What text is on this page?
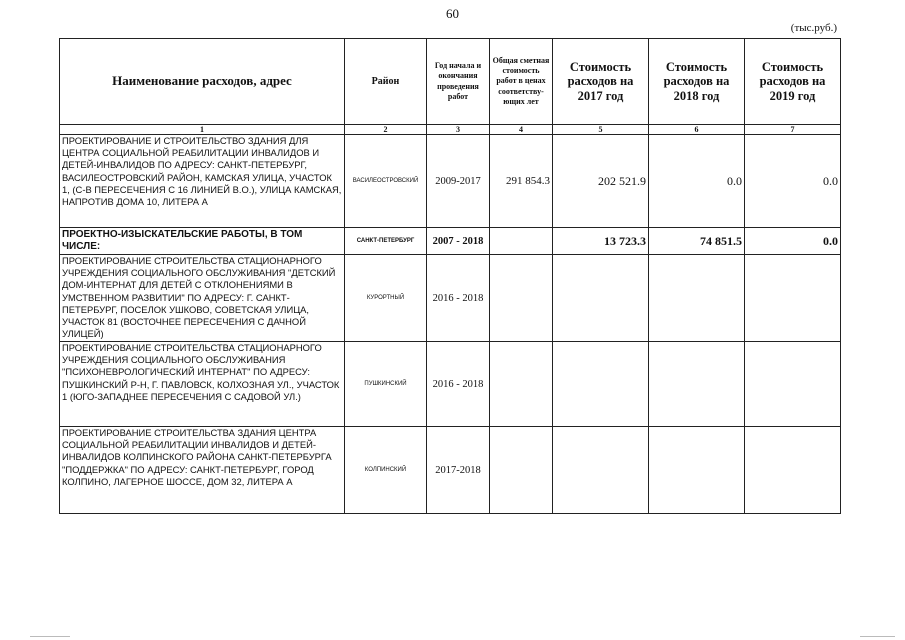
60
(тыс.руб.)
Наименование расходов, адрес	Район	Год начала и окончания проведения работ	Общая сметная стоимость работ в ценах соответству-ющих лет	Стоимость расходов на 2017 год	Стоимость расходов на 2018 год	Стоимость расходов на 2019 год
1	2	3	4	5	6	7
ПРОЕКТИРОВАНИЕ И СТРОИТЕЛЬСТВО ЗДАНИЯ ДЛЯ ЦЕНТРА СОЦИАЛЬНОЙ РЕАБИЛИТАЦИИ ИНВАЛИДОВ И ДЕТЕЙ-ИНВАЛИДОВ ПО АДРЕСУ: САНКТ-ПЕТЕРБУРГ, ВАСИЛЕОСТРОВСКИЙ РАЙОН, КАМСКАЯ УЛИЦА, УЧАСТОК 1, (С-В ПЕРЕСЕЧЕНИЯ С 16 ЛИНИЕЙ В.О.), УЛИЦА КАМСКАЯ, НАПРОТИВ ДОМА 10, ЛИТЕРА А	ВАСИЛЕОСТРОВСКИЙ	2009-2017	291 854.3	202 521.9	0.0	0.0
ПРОЕКТНО-ИЗЫСКАТЕЛЬСКИЕ РАБОТЫ, В ТОМ ЧИСЛЕ:	САНКТ-ПЕТЕРБУРГ	2007 - 2018		13 723.3	74 851.5	0.0
ПРОЕКТИРОВАНИЕ СТРОИТЕЛЬСТВА СТАЦИОНАРНОГО УЧРЕЖДЕНИЯ СОЦИАЛЬНОГО ОБСЛУЖИВАНИЯ "ДЕТСКИЙ ДОМ-ИНТЕРНАТ ДЛЯ ДЕТЕЙ С ОТКЛОНЕНИЯМИ В УМСТВЕННОМ РАЗВИТИИ" ПО АДРЕСУ: Г. САНКТ-ПЕТЕРБУРГ, ПОСЕЛОК УШКОВО, СОВЕТСКАЯ УЛИЦА, УЧАСТОК 81 (ВОСТОЧНЕЕ ПЕРЕСЕЧЕНИЯ С ДАЧНОЙ УЛИЦЕЙ)	КУРОРТНЫЙ	2016 - 2018				
ПРОЕКТИРОВАНИЕ СТРОИТЕЛЬСТВА СТАЦИОНАРНОГО УЧРЕЖДЕНИЯ СОЦИАЛЬНОГО ОБСЛУЖИВАНИЯ "ПСИХОНЕВРОЛОГИЧЕСКИЙ ИНТЕРНАТ" ПО АДРЕСУ: ПУШКИНСКИЙ Р-Н, Г. ПАВЛОВСК, КОЛХОЗНАЯ УЛ., УЧАСТОК 1 (ЮГО-ЗАПАДНЕЕ ПЕРЕСЕЧЕНИЯ С САДОВОЙ УЛ.)	ПУШКИНСКИЙ	2016 - 2018				
ПРОЕКТИРОВАНИЕ СТРОИТЕЛЬСТВА ЗДАНИЯ ЦЕНТРА СОЦИАЛЬНОЙ РЕАБИЛИТАЦИИ ИНВАЛИДОВ И ДЕТЕЙ-ИНВАЛИДОВ КОЛПИНСКОГО РАЙОНА САНКТ-ПЕТЕРБУРГА "ПОДДЕРЖКА" ПО АДРЕСУ: САНКТ-ПЕТЕРБУРГ, ГОРОД КОЛПИНО, ЛАГЕРНОЕ ШОССЕ, ДОМ 32, ЛИТЕРА А	КОЛПИНСКИЙ	2017-2018				
